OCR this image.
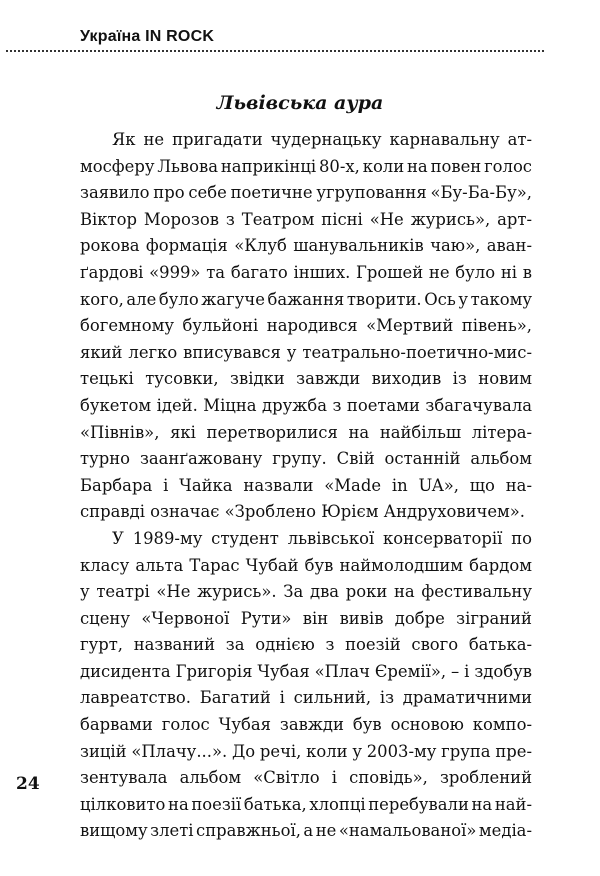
Україна IN ROCK
Львівська аура
Як не пригадати чудернацьку карнавальну ат-
мосферу Львова наприкінці 80-х, коли на повен голос
заявило про себе поетичне угруповання «Бу-Ба-Бу»,
Віктор Морозов з Театром пісні «Не журись», арт-
рокова формація «Клуб шанувальників чаю», аван-
ґардові «999» та багато інших. Грошей не було ні в
кого, але було жагуче бажання творити. Ось у такому
богемному бульйоні народився «Мертвий півень»,
який легко вписувався у театрально-поетично-мис-
тецькі тусовки, звідки завжди виходив із новим
букетом ідей. Міцна дружба з поетами збагачувала
«Півнів», які перетворилися на найбільш літера-
турно заанґажовану групу. Свій останній альбом
Барбара і Чайка назвали «Made in UA», що на-
справді означає «Зроблено Юрієм Андруховичем».
У 1989-му студент львівської консерваторії по
класу альта Тарас Чубай був наймолодшим бардом
у театрі «Не журись». За два роки на фестивальну
сцену «Червоної Рути» він вивів добре зіграний
гурт, названий за однією з поезій свого батька-
дисидента Григорія Чубая «Плач Єремії», – і здобув
лавреатство. Багатий і сильний, із драматичними
барвами голос Чубая завжди був основою компо-
зицій «Плачу...». До речі, коли у 2003-му група пре-
зентувала альбом «Світло і сповідь», зроблений
цілковито на поезії батька, хлопці перебували на най-
вищому злеті справжньої, а не «намальованої» медіа-
24
